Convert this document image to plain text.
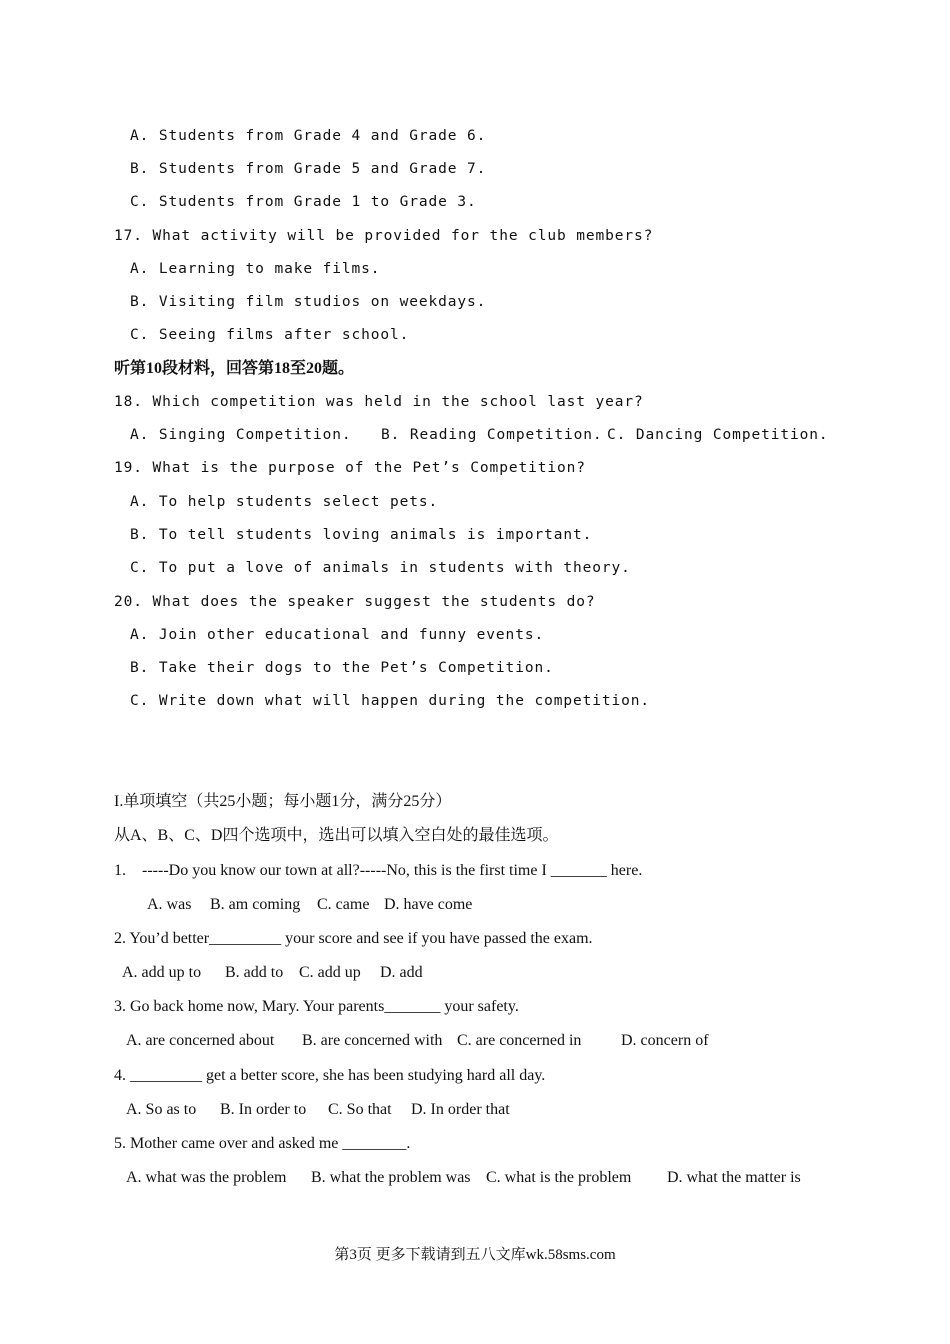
A. Students from Grade 4 and Grade 6.
B. Students from Grade 5 and Grade 7.
C. Students from Grade 1 to Grade 3.
17. What activity will be provided for the club members?
A. Learning to make films.
B. Visiting film studios on weekdays.
C. Seeing films after school.
听第10段材料，回答第18至20题。
18. Which competition was held in the school last year?
A. Singing Competition. B. Reading Competition. C. Dancing Competition.
19. What is the purpose of the Pet’s Competition?
A. To help students select pets.
B. To tell students loving animals is important.
C. To put a love of animals in students with theory.
20. What does the speaker suggest the students do?
A. Join other educational and funny events.
B. Take their dogs to the Pet’s Competition.
C. Write down what will happen during the competition.
I.单项填空（共25小题；每小题1分，满分25分）
从A、B、C、D四个选项中，选出可以填入空白处的最佳选项。
1. -----Do you know our town at all?-----No, this is the first time I _______ here.
A. was B. am coming C. came D. have come
2. You’d better_________ your score and see if you have passed the exam.
A. add up to B. add to C. add up D. add
3. Go back home now, Mary. Your parents_______ your safety.
A. are concerned about B. are concerned with C. are concerned in D. concern of
4. _________ get a better score, she has been studying hard all day.
A. So as to B. In order to C. So that D. In order that
5. Mother came over and asked me ________.
A. what was the problem B. what the problem was C. what is the problem D. what the matter is
第3页 更多下载请到五八文库wk.58sms.com
